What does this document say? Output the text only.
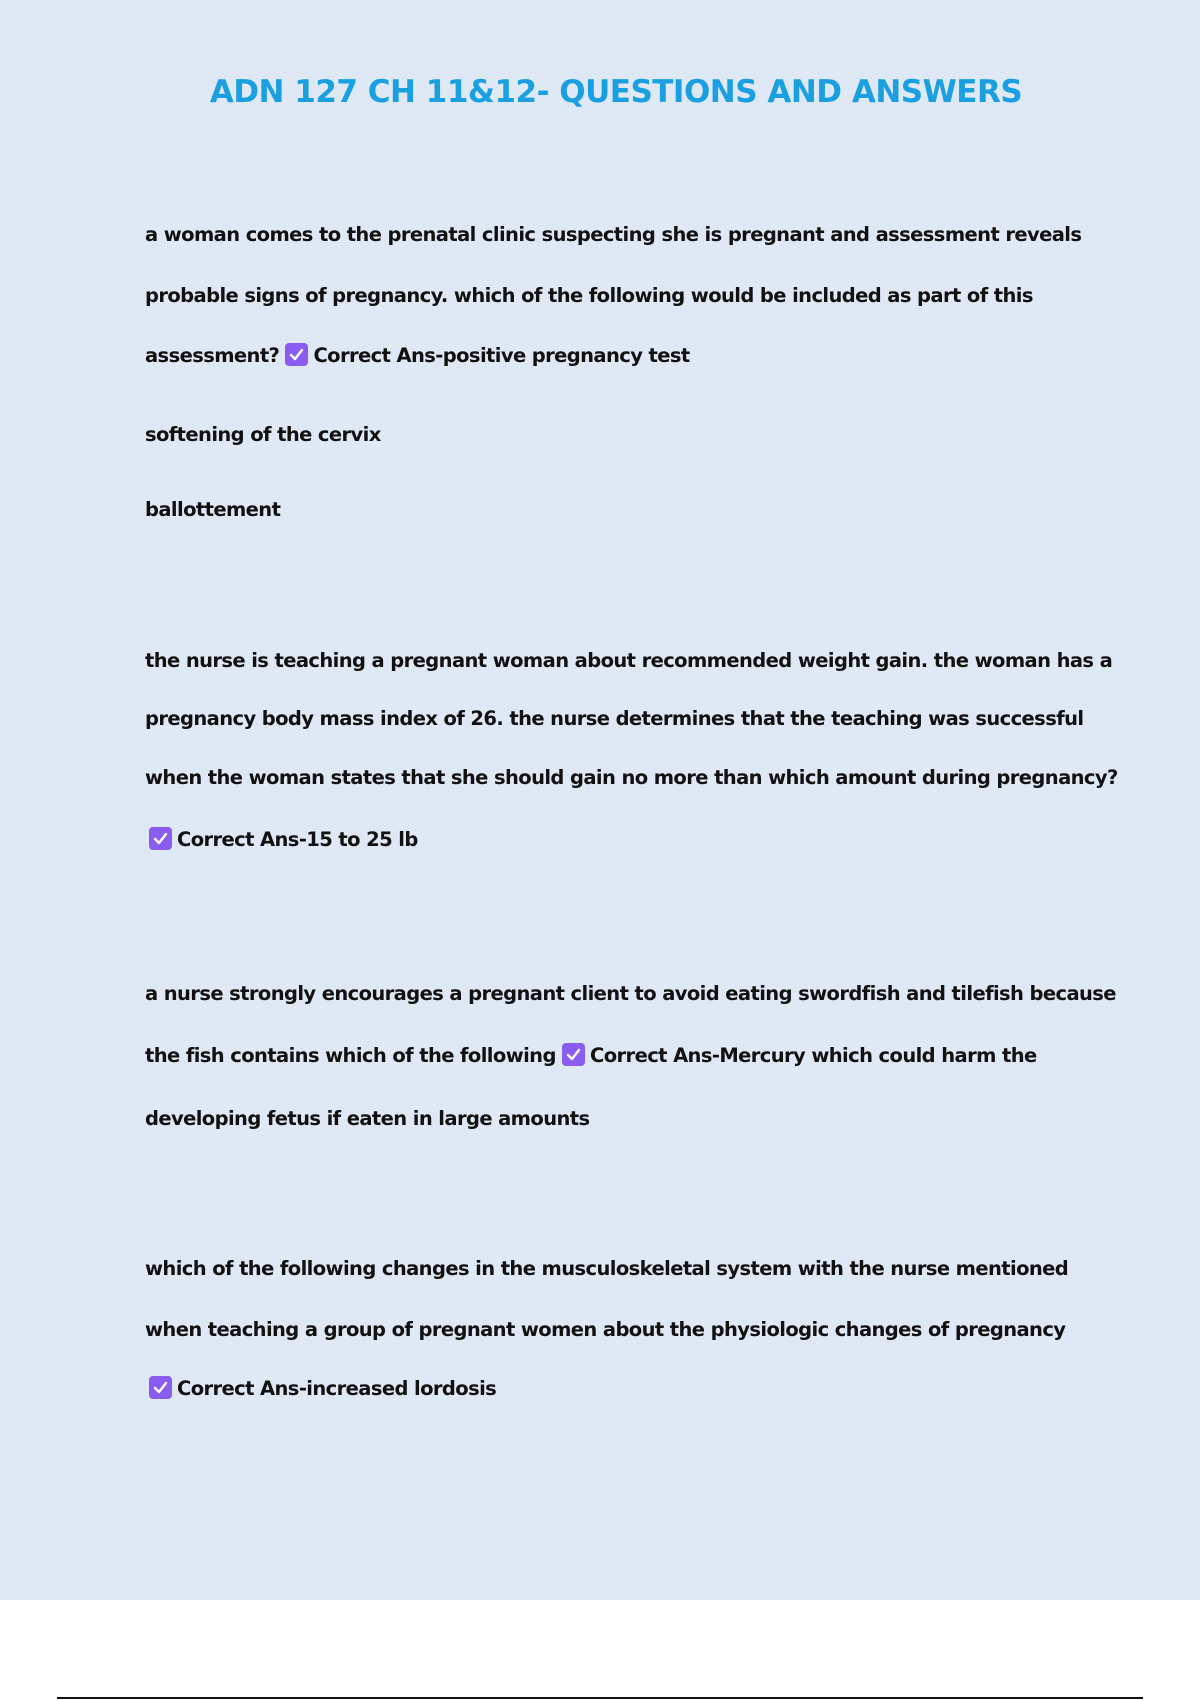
ADN 127 CH 11&12- QUESTIONS AND ANSWERS

a woman comes to the prenatal clinic suspecting she is pregnant and assessment reveals

probable signs of pregnancy. which of the following would be included as part of this

assessment?
Correct Ans-positive pregnancy test

softening of the cervix

ballottement

the nurse is teaching a pregnant woman about recommended weight gain. the woman has a

pregnancy body mass index of 26. the nurse determines that the teaching was successful

when the woman states that she should gain no more than which amount during pregnancy?

Correct Ans-15 to 25 lb

a nurse strongly encourages a pregnant client to avoid eating swordfish and tilefish because

the fish contains which of the following
Correct Ans-Mercury which could harm the

developing fetus if eaten in large amounts

which of the following changes in the musculoskeletal system with the nurse mentioned

when teaching a group of pregnant women about the physiologic changes of pregnancy

Correct Ans-increased lordosis
